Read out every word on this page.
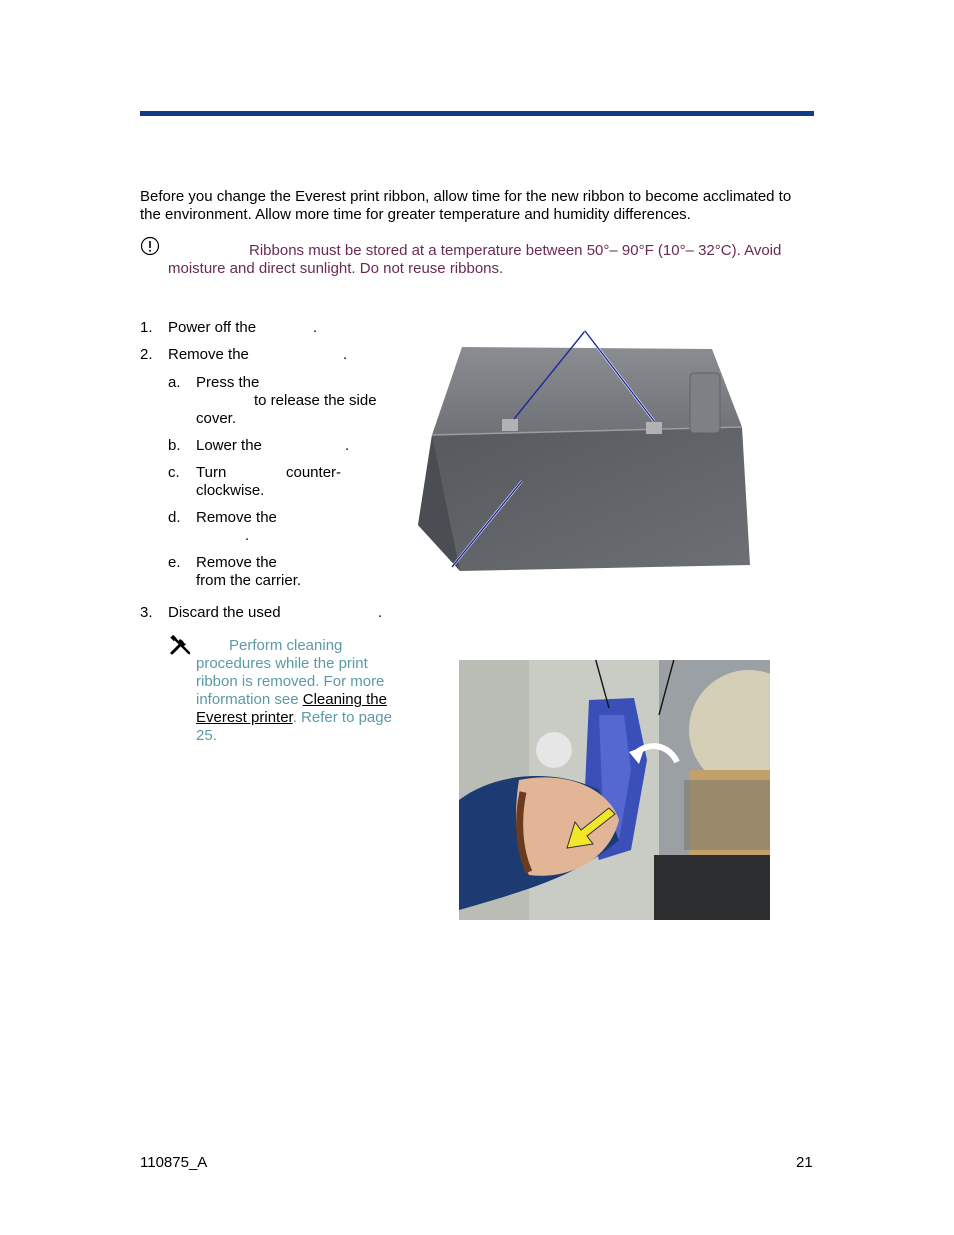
Before you change the Everest print ribbon, allow time for the new ribbon to become acclimated to the environment. Allow more time for greater temperature and humidity differences.
Ribbons must be stored at a temperature between 50°– 90°F (10°– 32°C). Avoid moisture and direct sunlight. Do not reuse ribbons.
1. Power off the	.
2. Remove the	.
a. Press the
to release the side
cover.
b. Lower the	.
c. Turn	counter-
clockwise.
d. Remove the
.
e. Remove the
from the carrier.
3. Discard the used	.
Perform cleaning procedures while the print ribbon is removed. For more information see Cleaning the Everest printer. Refer to page 25.
110875_A	21
